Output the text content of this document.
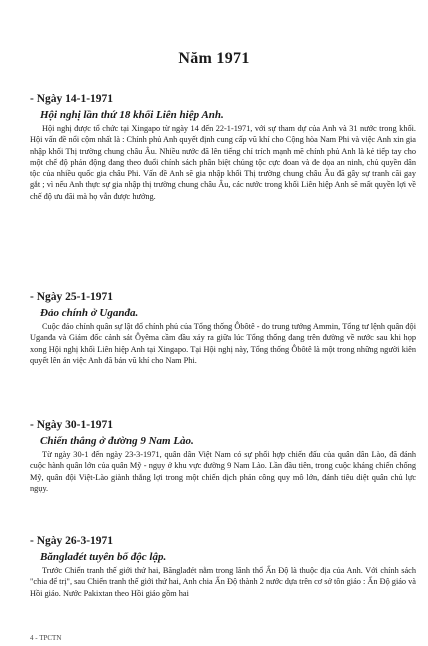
Năm 1971

- Ngày 14-1-1971

Hội nghị lần thứ 18 khối Liên hiệp Anh.

Hội nghị được tổ chức tại Xingapo từ ngày 14 đến 22-1-1971, với sự tham dự của Anh và 31 nước trong khối. Hội vấn đề nổi cộm nhất là : Chính phủ Anh quyết định cung cấp vũ khí cho Cộng hòa Nam Phi và việc Anh xin gia nhập khối Thị trường chung châu Âu. Nhiều nước đã lên tiếng chỉ trích mạnh mẽ chính phủ Anh là kẻ tiếp tay cho một chế độ phản động đang theo đuổi chính sách phân biệt chủng tộc cực đoan và đe dọa an ninh, chủ quyền dân tộc của nhiều quốc gia châu Phi. Vấn đề Anh sẽ gia nhập khối Thị trường chung châu Âu đã gây sự tranh cãi gay gắt ; vì nếu Anh thực sự gia nhập thị trường chung châu Âu, các nước trong khối Liên hiệp Anh sẽ mất quyền lợi về chế độ ưu đãi mà họ vẫn được hưởng.

- Ngày 25-1-1971

Đảo chính ở Uganđa.

Cuộc đảo chính quân sự lật đổ chính phủ của Tổng thống Ôbôtê - do trung tướng Ammin, Tổng tư lệnh quân đội Uganđa và Giám đốc cảnh sát Ôyêma cầm đầu xảy ra giữa lúc Tổng thống đang trên đường về nước sau khi họp xong Hội nghị khối Liên hiệp Anh tại Xingapo. Tại Hội nghị này, Tổng thống Ôbôtê là một trong những người kiên quyết lên án việc Anh đã bán vũ khí cho Nam Phi.

- Ngày 30-1-1971

Chiến thắng ở đường 9 Nam Lào.

Từ ngày 30-1 đến ngày 23-3-1971, quân dân Việt Nam có sự phối hợp chiến đấu của quân dân Lào, đã đánh cuộc hành quân lớn của quân Mỹ - ngụy ở khu vực đường 9 Nam Lào. Lần đầu tiên, trong cuộc kháng chiến chống Mỹ, quân đội Việt-Lào giành thắng lợi trong một chiến dịch phản công quy mô lớn, đánh tiêu diệt quân chủ lực ngụy.

- Ngày 26-3-1971

Bănglađét tuyên bố độc lập.

Trước Chiến tranh thế giới thứ hai, Bănglađét nằm trong lãnh thổ Ấn Độ là thuộc địa của Anh. Với chính sách "chia để trị", sau Chiến tranh thế giới thứ hai, Anh chia Ấn Độ thành 2 nước dựa trên cơ sở tôn giáo : Ấn Độ giáo và Hồi giáo. Nước Pakixtan theo Hồi giáo gồm hai

4 - TPCTN
